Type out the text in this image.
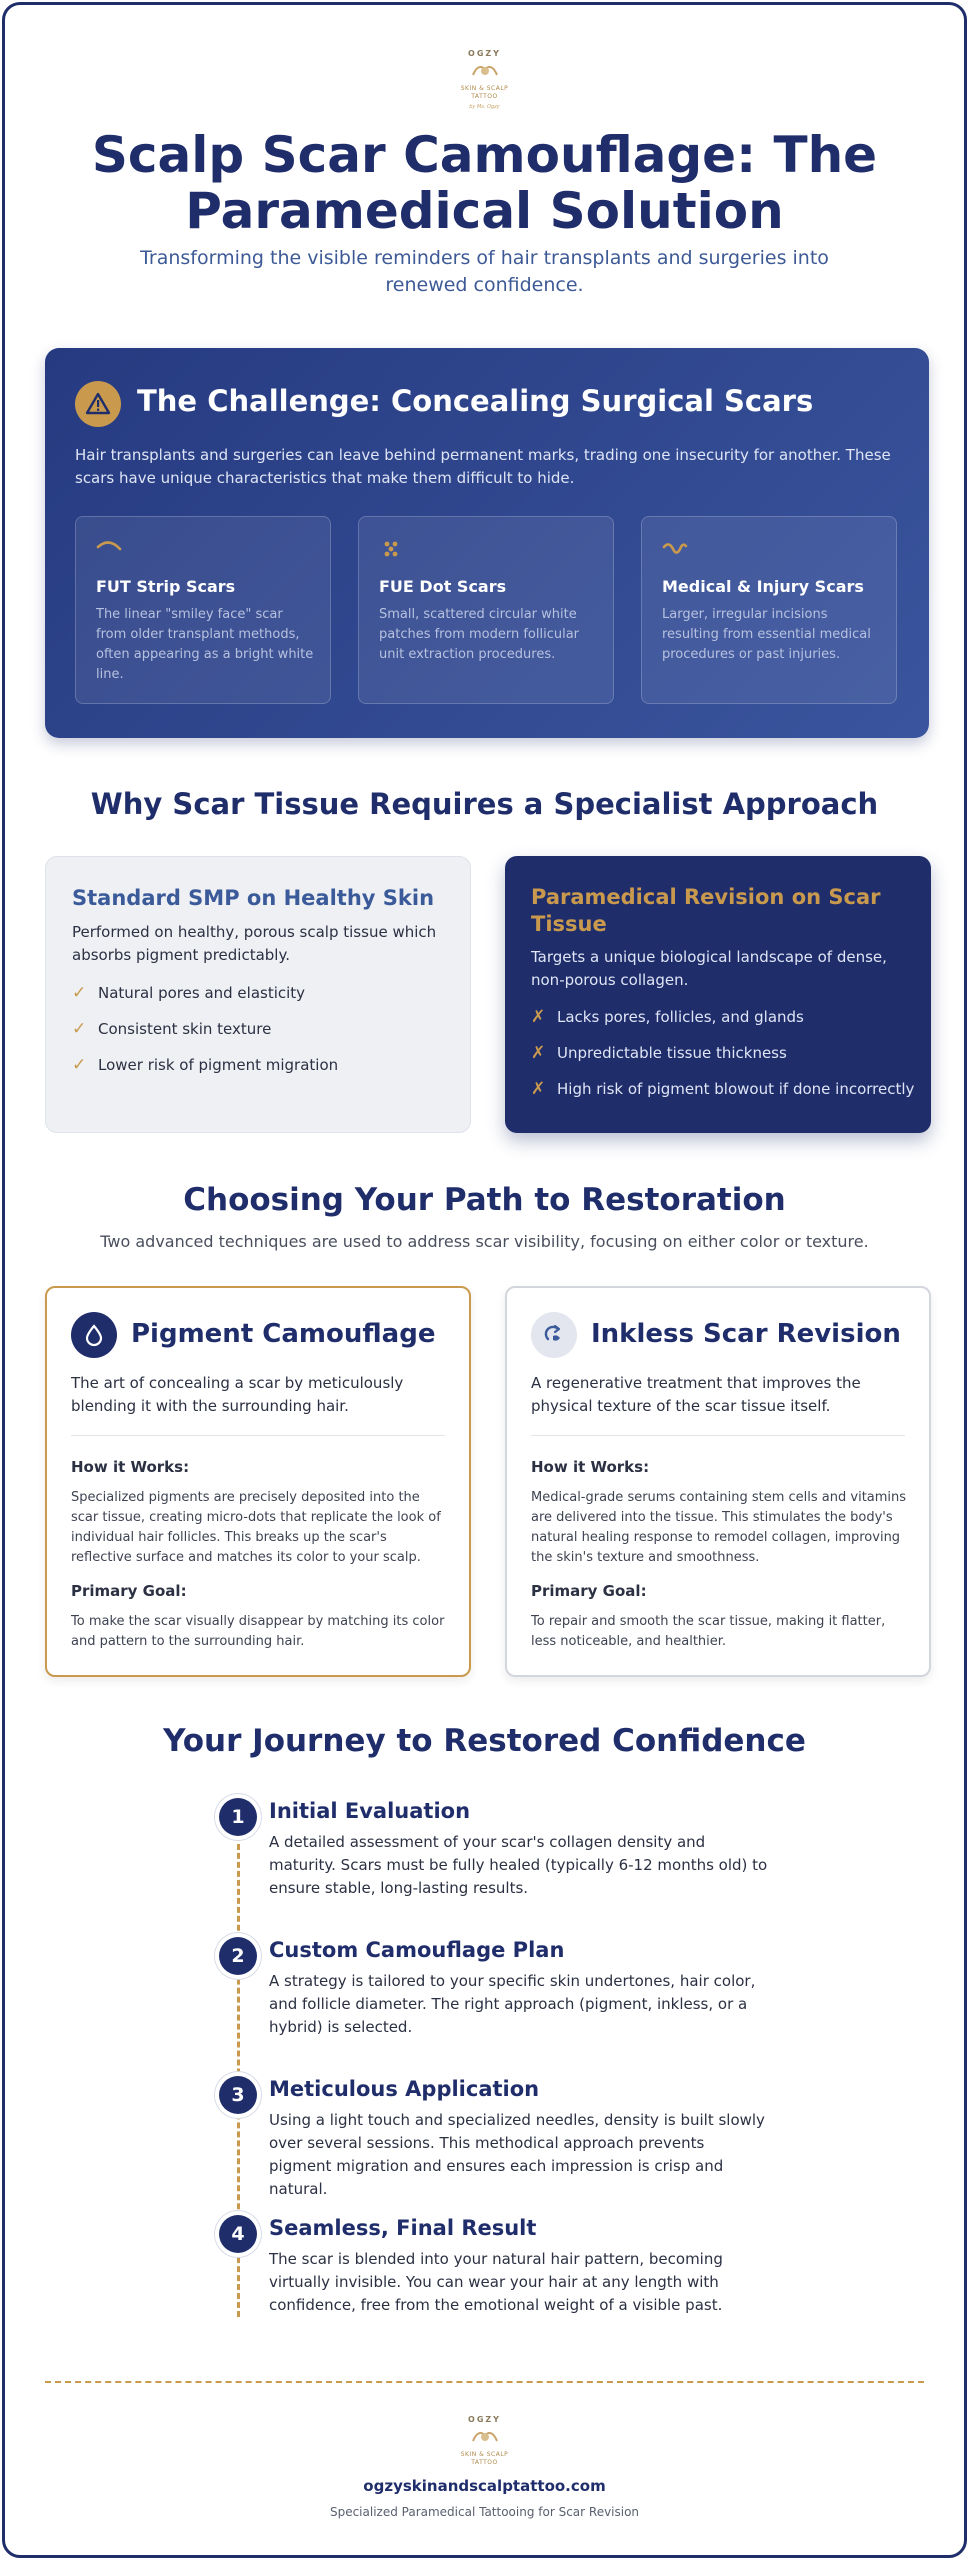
OGZY
SKIN & SCALP TATTOO
by Ms. Ogzy
Scalp Scar Camouflage: The Paramedical Solution

Transforming the visible reminders of hair transplants and surgeries into renewed confidence.

The Challenge: Concealing Surgical Scars

Hair transplants and surgeries can leave behind permanent marks, trading one insecurity for another. These scars have unique characteristics that make them difficult to hide.

FUT Strip Scars
The linear "smiley face" scar from older transplant methods, often appearing as a bright white line.
FUE Dot Scars
Small, scattered circular white patches from modern follicular unit extraction procedures.
Medical & Injury Scars
Larger, irregular incisions resulting from essential medical procedures or past injuries.
Why Scar Tissue Requires a Specialist Approach
Standard SMP on Healthy Skin

Performed on healthy, porous scalp tissue which absorbs pigment predictably.

✓ Natural pores and elasticity
✓ Consistent skin texture
✓ Lower risk of pigment migration
Paramedical Revision on Scar Tissue

Targets a unique biological landscape of dense, non-porous collagen.

✗ Lacks pores, follicles, and glands
✗ Unpredictable tissue thickness
✗ High risk of pigment blowout if done incorrectly
Choosing Your Path to Restoration

Two advanced techniques are used to address scar visibility, focusing on either color or texture.

Pigment Camouflage

The art of concealing a scar by meticulously blending it with the surrounding hair.

How it Works:

Specialized pigments are precisely deposited into the scar tissue, creating micro-dots that replicate the look of individual hair follicles. This breaks up the scar's reflective surface and matches its color to your scalp.

Primary Goal:

To make the scar visually disappear by matching its color and pattern to the surrounding hair.

Inkless Scar Revision

A regenerative treatment that improves the physical texture of the scar tissue itself.

How it Works:

Medical-grade serums containing stem cells and vitamins are delivered into the tissue. This stimulates the body's natural healing response to remodel collagen, improving the skin's texture and smoothness.

Primary Goal:

To repair and smooth the scar tissue, making it flatter, less noticeable, and healthier.

Your Journey to Restored Confidence
1	Initial Evaluation
A detailed assessment of your scar's collagen density and maturity. Scars must be fully healed (typically 6-12 months old) to ensure stable, long-lasting results.
2	Custom Camouflage Plan
A strategy is tailored to your specific skin undertones, hair color, and follicle diameter. The right approach (pigment, inkless, or a hybrid) is selected.
3	Meticulous Application
Using a light touch and specialized needles, density is built slowly over several sessions. This methodical approach prevents pigment migration and ensures each impression is crisp and natural.
4	Seamless, Final Result
The scar is blended into your natural hair pattern, becoming virtually invisible. You can wear your hair at any length with confidence, free from the emotional weight of a visible past.
OGZY
SKIN & SCALP TATTOO
ogzyskinandscalptattoo.com
Specialized Paramedical Tattooing for Scar Revision
